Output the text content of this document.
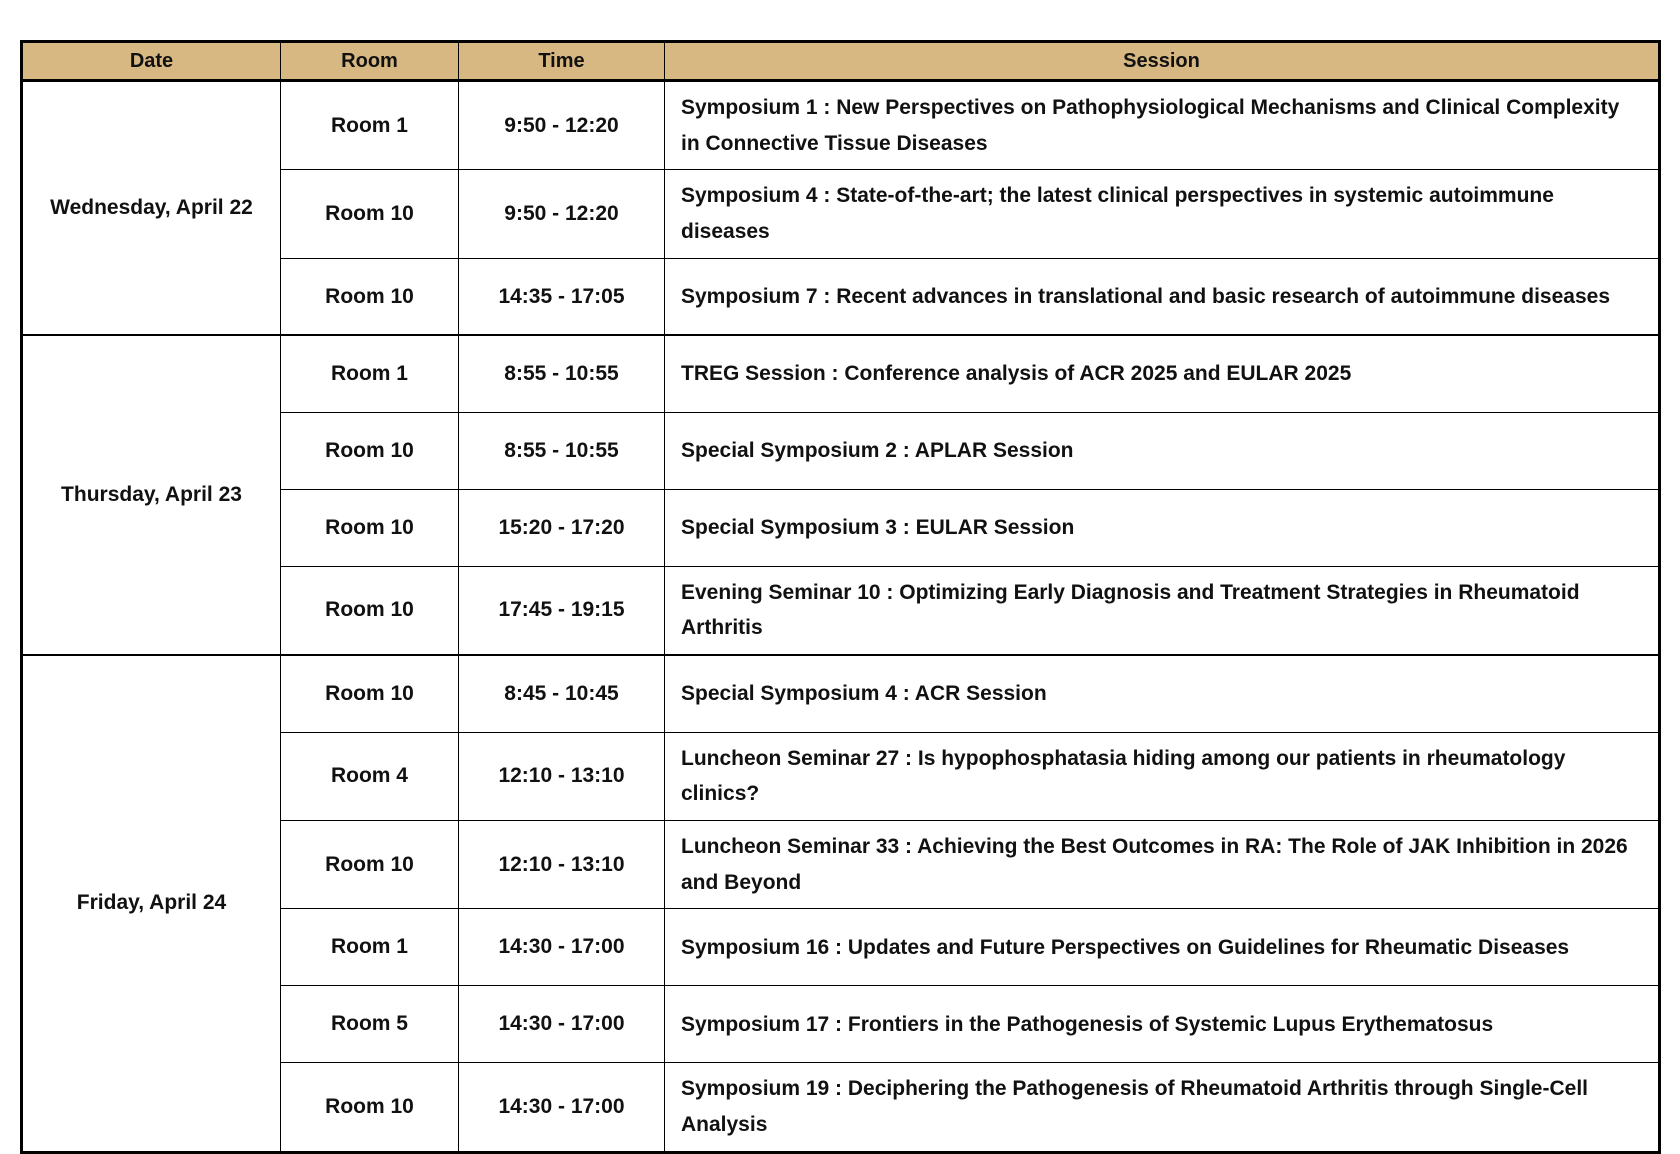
Date	Room	Time	Session
Wednesday, April 22	Room 1	9:50 - 12:20	Symposium 1 : New Perspectives on Pathophysiological Mechanisms and Clinical Complexity in Connective Tissue Diseases
	Room 10	9:50 - 12:20	Symposium 4 : State-of-the-art; the latest clinical perspectives in systemic autoimmune diseases
	Room 10	14:35 - 17:05	Symposium 7 : Recent advances in translational and basic research of autoimmune diseases
Thursday, April 23	Room 1	8:55 - 10:55	TREG Session : Conference analysis of ACR 2025 and EULAR 2025
	Room 10	8:55 - 10:55	Special Symposium 2 : APLAR Session
	Room 10	15:20 - 17:20	Special Symposium 3 : EULAR Session
	Room 10	17:45 - 19:15	Evening Seminar 10 : Optimizing Early Diagnosis and Treatment Strategies in Rheumatoid Arthritis
Friday, April 24	Room 10	8:45 - 10:45	Special Symposium 4 : ACR Session
	Room 4	12:10 - 13:10	Luncheon Seminar 27 : Is hypophosphatasia hiding among our patients in rheumatology clinics?
	Room 10	12:10 - 13:10	Luncheon Seminar 33 : Achieving the Best Outcomes in RA: The Role of JAK Inhibition in 2026 and Beyond
	Room 1	14:30 - 17:00	Symposium 16 : Updates and Future Perspectives on Guidelines for Rheumatic Diseases
	Room 5	14:30 - 17:00	Symposium 17 : Frontiers in the Pathogenesis of Systemic Lupus Erythematosus
	Room 10	14:30 - 17:00	Symposium 19 : Deciphering the Pathogenesis of Rheumatoid Arthritis through Single-Cell Analysis
